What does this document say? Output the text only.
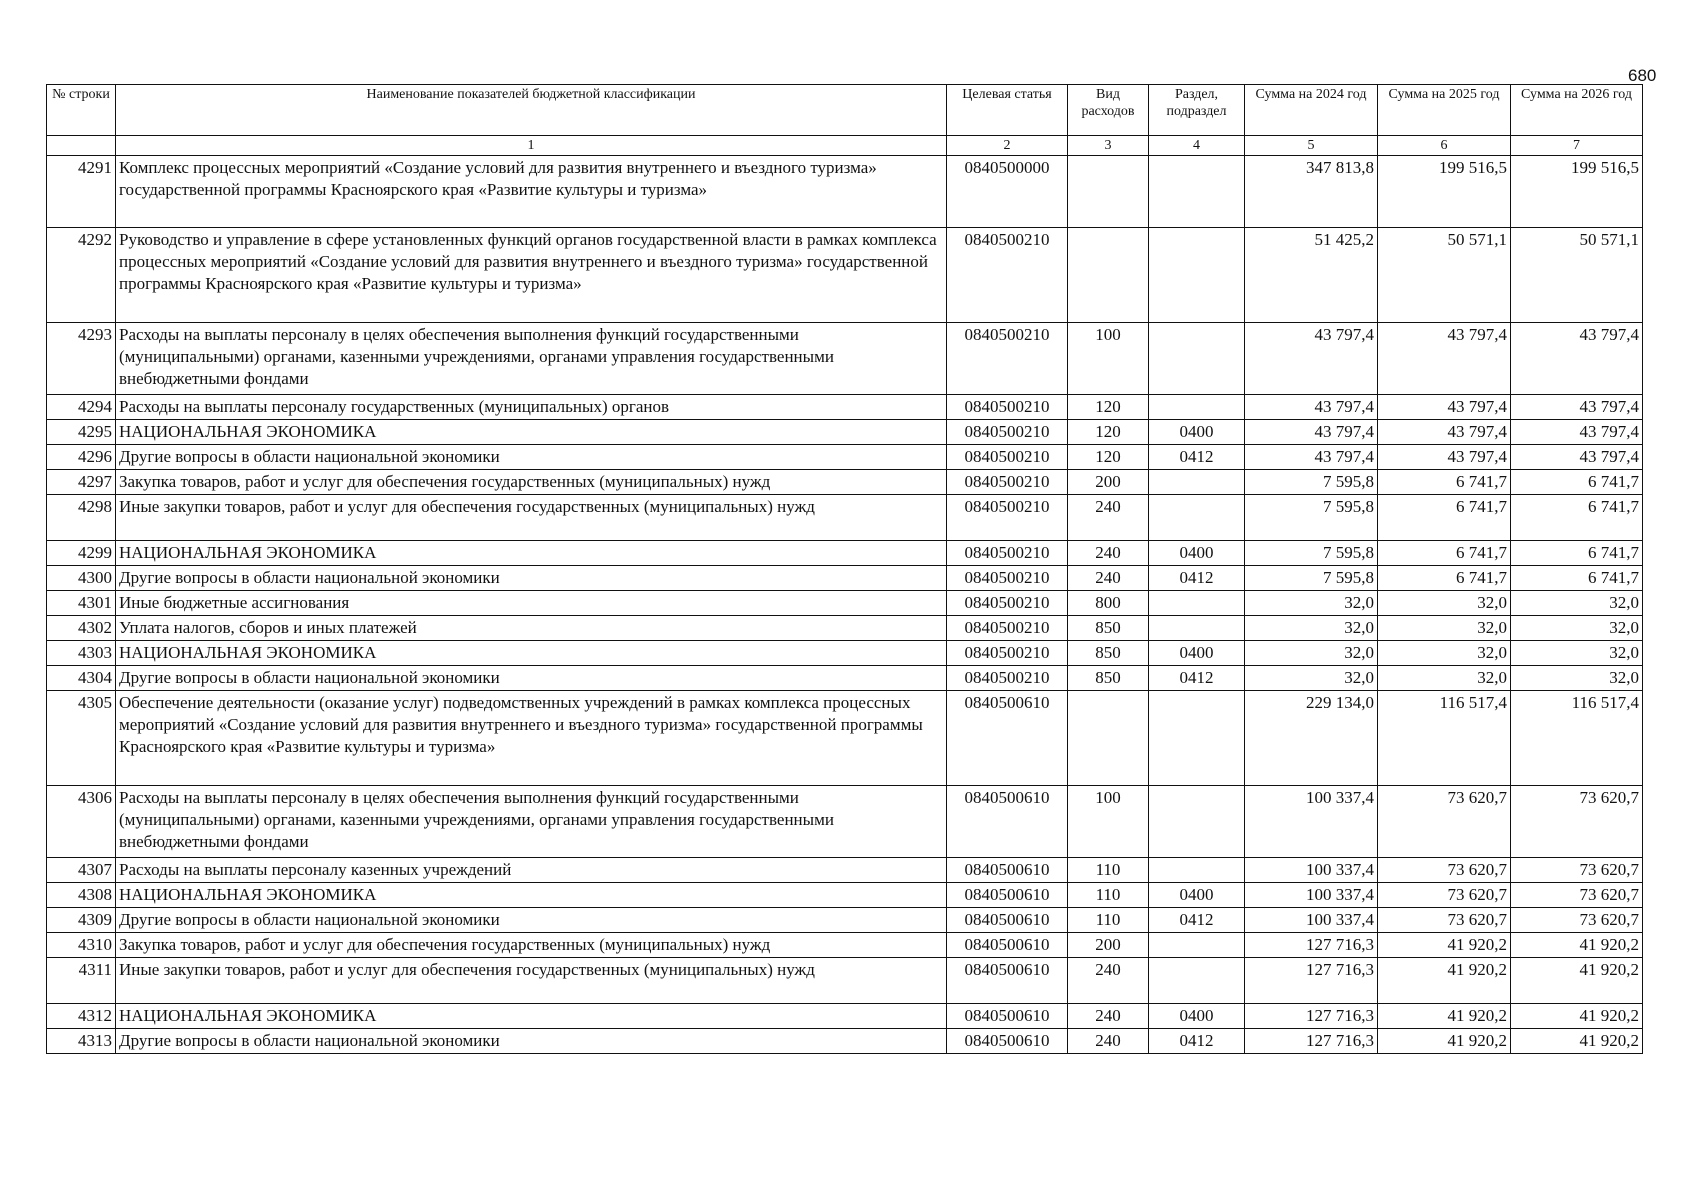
680
№ строки	Наименование показателей бюджетной классификации	Целевая статья	Вид расходов	Раздел, подраздел	Сумма на 2024 год	Сумма на 2025 год	Сумма на 2026 год
	1	2	3	4	5	6	7
4291	Комплекс процессных мероприятий «Создание условий для развития внутреннего и въездного туризма» государственной программы Красноярского края «Развитие культуры и туризма»	0840500000			347 813,8	199 516,5	199 516,5
4292	Руководство и управление в сфере установленных функций органов государственной власти в рамках комплекса процессных мероприятий «Создание условий для развития внутреннего и въездного туризма» государственной программы Красноярского края «Развитие культуры и туризма»	0840500210			51 425,2	50 571,1	50 571,1
4293	Расходы на выплаты персоналу в целях обеспечения выполнения функций государственными (муниципальными) органами, казенными учреждениями, органами управления государственными внебюджетными фондами	0840500210	100		43 797,4	43 797,4	43 797,4
4294	Расходы на выплаты персоналу государственных (муниципальных) органов	0840500210	120		43 797,4	43 797,4	43 797,4
4295	НАЦИОНАЛЬНАЯ ЭКОНОМИКА	0840500210	120	0400	43 797,4	43 797,4	43 797,4
4296	Другие вопросы в области национальной экономики	0840500210	120	0412	43 797,4	43 797,4	43 797,4
4297	Закупка товаров, работ и услуг для обеспечения государственных (муниципальных) нужд	0840500210	200		7 595,8	6 741,7	6 741,7
4298	Иные закупки товаров, работ и услуг для обеспечения государственных (муниципальных) нужд	0840500210	240		7 595,8	6 741,7	6 741,7
4299	НАЦИОНАЛЬНАЯ ЭКОНОМИКА	0840500210	240	0400	7 595,8	6 741,7	6 741,7
4300	Другие вопросы в области национальной экономики	0840500210	240	0412	7 595,8	6 741,7	6 741,7
4301	Иные бюджетные ассигнования	0840500210	800		32,0	32,0	32,0
4302	Уплата налогов, сборов и иных платежей	0840500210	850		32,0	32,0	32,0
4303	НАЦИОНАЛЬНАЯ ЭКОНОМИКА	0840500210	850	0400	32,0	32,0	32,0
4304	Другие вопросы в области национальной экономики	0840500210	850	0412	32,0	32,0	32,0
4305	Обеспечение деятельности (оказание услуг) подведомственных учреждений в рамках комплекса процессных мероприятий «Создание условий для развития внутреннего и въездного туризма» государственной программы Красноярского края «Развитие культуры и туризма»	0840500610			229 134,0	116 517,4	116 517,4
4306	Расходы на выплаты персоналу в целях обеспечения выполнения функций государственными (муниципальными) органами, казенными учреждениями, органами управления государственными внебюджетными фондами	0840500610	100		100 337,4	73 620,7	73 620,7
4307	Расходы на выплаты персоналу казенных учреждений	0840500610	110		100 337,4	73 620,7	73 620,7
4308	НАЦИОНАЛЬНАЯ ЭКОНОМИКА	0840500610	110	0400	100 337,4	73 620,7	73 620,7
4309	Другие вопросы в области национальной экономики	0840500610	110	0412	100 337,4	73 620,7	73 620,7
4310	Закупка товаров, работ и услуг для обеспечения государственных (муниципальных) нужд	0840500610	200		127 716,3	41 920,2	41 920,2
4311	Иные закупки товаров, работ и услуг для обеспечения государственных (муниципальных) нужд	0840500610	240		127 716,3	41 920,2	41 920,2
4312	НАЦИОНАЛЬНАЯ ЭКОНОМИКА	0840500610	240	0400	127 716,3	41 920,2	41 920,2
4313	Другие вопросы в области национальной экономики	0840500610	240	0412	127 716,3	41 920,2	41 920,2
